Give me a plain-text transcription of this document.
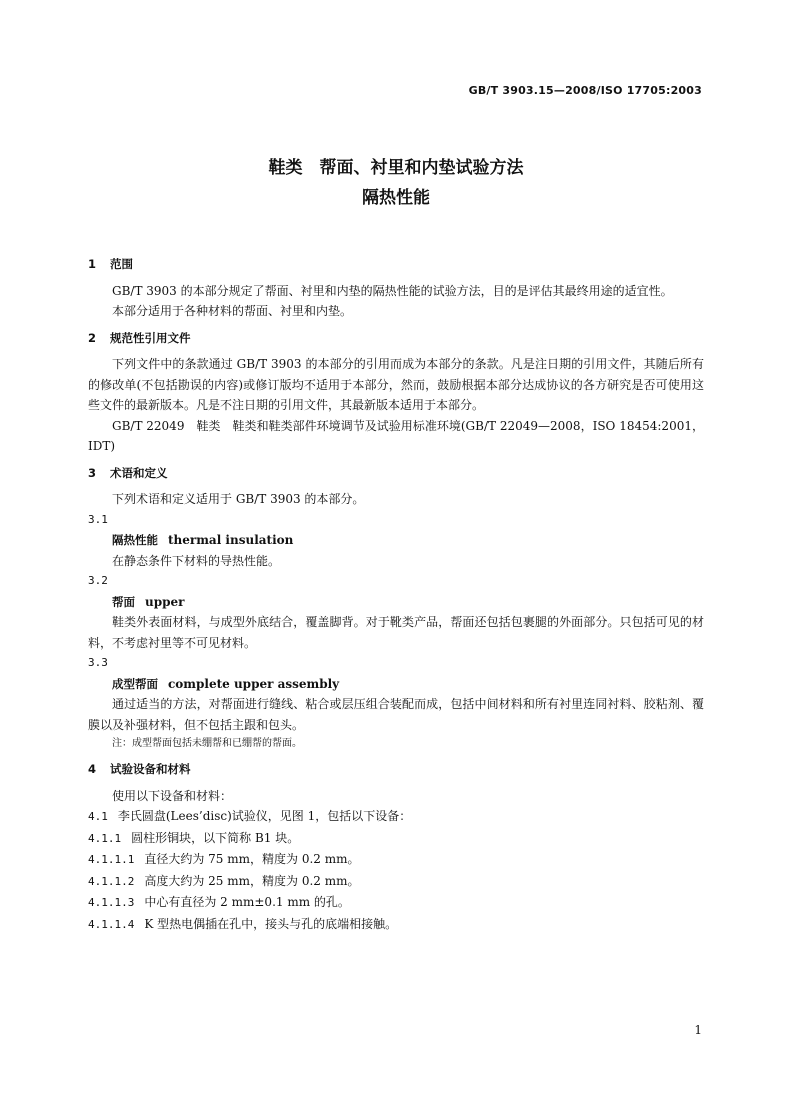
GB/T 3903.15—2008/ISO 17705:2003
鞋类　帮面、衬里和内垫试验方法
隔热性能
1 范围
GB/T 3903 的本部分规定了帮面、衬里和内垫的隔热性能的试验方法，目的是评估其最终用途的适宜性。
本部分适用于各种材料的帮面、衬里和内垫。
2 规范性引用文件
下列文件中的条款通过 GB/T 3903 的本部分的引用而成为本部分的条款。凡是注日期的引用文件，其随后所有的修改单(不包括勘误的内容)或修订版均不适用于本部分，然而，鼓励根据本部分达成协议的各方研究是否可使用这些文件的最新版本。凡是不注日期的引用文件，其最新版本适用于本部分。
GB/T 22049　鞋类　鞋类和鞋类部件环境调节及试验用标准环境(GB/T 22049—2008，ISO 18454:2001，IDT)
3 术语和定义
下列术语和定义适用于 GB/T 3903 的本部分。
3.1
隔热性能 thermal insulation
在静态条件下材料的导热性能。
3.2
帮面 upper
鞋类外表面材料，与成型外底结合，覆盖脚背。对于靴类产品，帮面还包括包裹腿的外面部分。只包括可见的材料，不考虑衬里等不可见材料。
3.3
成型帮面 complete upper assembly
通过适当的方法，对帮面进行缝线、粘合或层压组合装配而成，包括中间材料和所有衬里连同衬料、胶粘剂、覆膜以及补强材料，但不包括主跟和包头。
注：成型帮面包括未绷帮和已绷帮的帮面。
4 试验设备和材料
使用以下设备和材料：
4.1 李氏圆盘(Lees’disc)试验仪，见图 1，包括以下设备：
4.1.1 圆柱形铜块，以下简称 B1 块。
4.1.1.1 直径大约为 75 mm，精度为 0.2 mm。
4.1.1.2 高度大约为 25 mm，精度为 0.2 mm。
4.1.1.3 中心有直径为 2 mm±0.1 mm 的孔。
4.1.1.4 K 型热电偶插在孔中，接头与孔的底端相接触。
1
